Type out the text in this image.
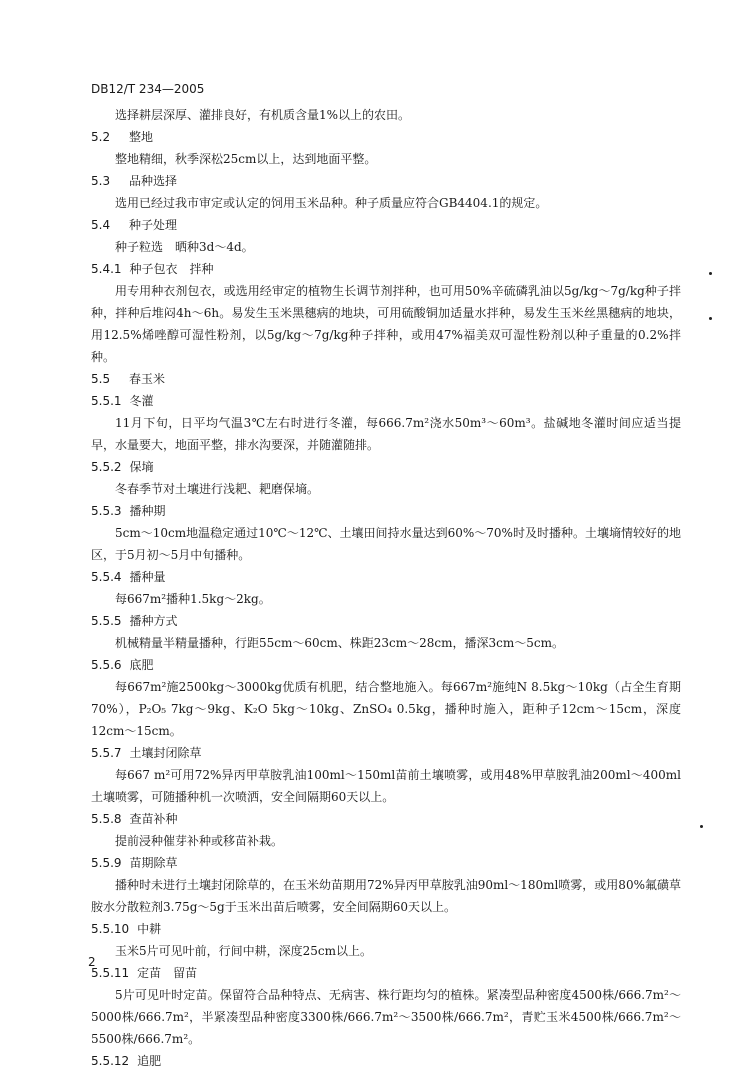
DB12/T 234—2005
选择耕层深厚、灌排良好，有机质含量1%以上的农田。
5.2 整地
整地精细，秋季深松25cm以上，达到地面平整。
5.3 品种选择
选用已经过我市审定或认定的饲用玉米品种。种子质量应符合GB4404.1的规定。
5.4 种子处理
种子粒选　晒种3d～4d。
5.4.1 种子包衣　拌种
用专用种衣剂包衣，或选用经审定的植物生长调节剂拌种，也可用50%辛硫磷乳油以5g/kg～7g/kg种子拌种，拌种后堆闷4h～6h。易发生玉米黑穗病的地块，可用硫酸铜加适量水拌种，易发生玉米丝黑穗病的地块，用12.5%烯唑醇可湿性粉剂，以5g/kg～7g/kg种子拌种，或用47%福美双可湿性粉剂以种子重量的0.2%拌种。
5.5 春玉米
5.5.1 冬灌
11月下旬，日平均气温3℃左右时进行冬灌，每666.7m²浇水50m³～60m³。盐碱地冬灌时间应适当提早，水量要大，地面平整，排水沟要深，并随灌随排。
5.5.2 保墒
冬春季节对土壤进行浅耙、耙磨保墒。
5.5.3 播种期
5cm～10cm地温稳定通过10℃～12℃、土壤田间持水量达到60%～70%时及时播种。土壤墒情较好的地区，于5月初～5月中旬播种。
5.5.4 播种量
每667m²播种1.5kg～2kg。
5.5.5 播种方式
机械精量半精量播种，行距55cm～60cm、株距23cm～28cm，播深3cm～5cm。
5.5.6 底肥
每667m²施2500kg～3000kg优质有机肥，结合整地施入。每667m²施纯N 8.5kg～10kg（占全生育期70%），P₂O₅ 7kg～9kg、K₂O 5kg～10kg、ZnSO₄ 0.5kg，播种时施入，距种子12cm～15cm，深度12cm～15cm。
5.5.7 土壤封闭除草
每667 m²可用72%异丙甲草胺乳油100ml～150ml苗前土壤喷雾，或用48%甲草胺乳油200ml～400ml土壤喷雾，可随播种机一次喷洒，安全间隔期60天以上。
5.5.8 查苗补种
提前浸种催芽补种或移苗补栽。
5.5.9 苗期除草
播种时未进行土壤封闭除草的，在玉米幼苗期用72%异丙甲草胺乳油90ml～180ml喷雾，或用80%氟磺草胺水分散粒剂3.75g～5g于玉米出苗后喷雾，安全间隔期60天以上。
5.5.10 中耕
玉米5片可见叶前，行间中耕，深度25cm以上。
5.5.11 定苗　留苗
5片可见叶时定苗。保留符合品种特点、无病害、株行距均匀的植株。紧凑型品种密度4500株/666.7m²～5000株/666.7m²，半紧凑型品种密度3300株/666.7m²～3500株/666.7m²，青贮玉米4500株/666.7m²～5500株/666.7m²。
5.5.12 追肥
2
